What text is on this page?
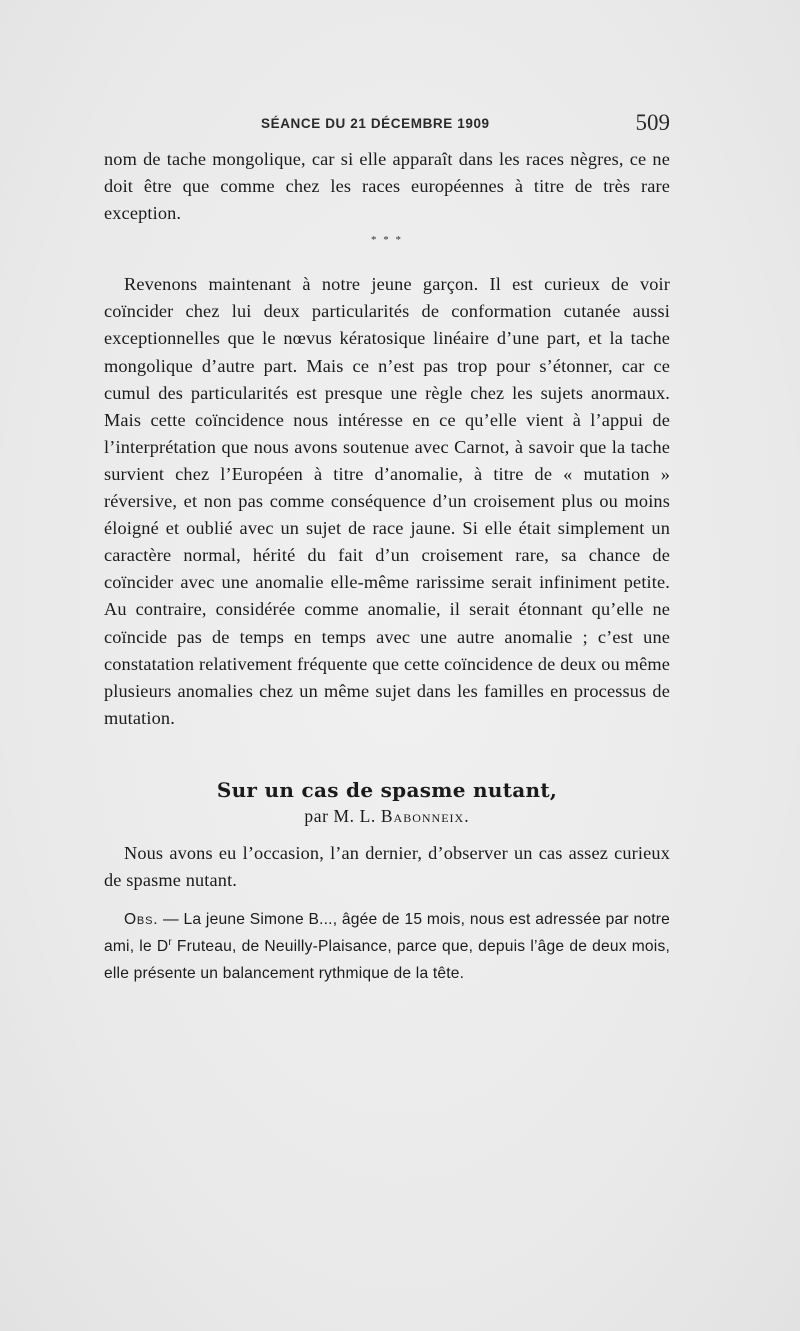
SÉANCE DU 21 DÉCEMBRE 1909	509

nom de tache mongolique, car si elle apparaît dans les races nègres, ce ne doit être que comme chez les races européennes à titre de très rare exception.

* * *

Revenons maintenant à notre jeune garçon. Il est curieux de voir coïncider chez lui deux particularités de conformation cutanée aussi exceptionnelles que le nœvus kératosique linéaire d’une part, et la tache mongolique d’autre part. Mais ce n’est pas trop pour s’étonner, car ce cumul des particularités est presque une règle chez les sujets anormaux. Mais cette coïncidence nous intéresse en ce qu’elle vient à l’appui de l’interprétation que nous avons soutenue avec Carnot, à savoir que la tache survient chez l’Européen à titre d’anomalie, à titre de « mutation » réversive, et non pas comme conséquence d’un croisement plus ou moins éloigné et oublié avec un sujet de race jaune. Si elle était simplement un caractère normal, hérité du fait d’un croisement rare, sa chance de coïncider avec une anomalie elle-même rarissime serait infiniment petite. Au contraire, considérée comme anomalie, il serait étonnant qu’elle ne coïncide pas de temps en temps avec une autre anomalie ; c’est une constatation relativement fréquente que cette coïncidence de deux ou même plusieurs anomalies chez un même sujet dans les familles en processus de mutation.

Sur un cas de spasme nutant,
par M. L. Babonneix.

Nous avons eu l’occasion, l’an dernier, d’observer un cas assez curieux de spasme nutant.

Obs. — La jeune Simone B..., âgée de 15 mois, nous est adressée par notre ami, le $D^r$ Fruteau, de Neuilly-Plaisance, parce que, depuis l’âge de deux mois, elle présente un balancement rythmique de la tête.
